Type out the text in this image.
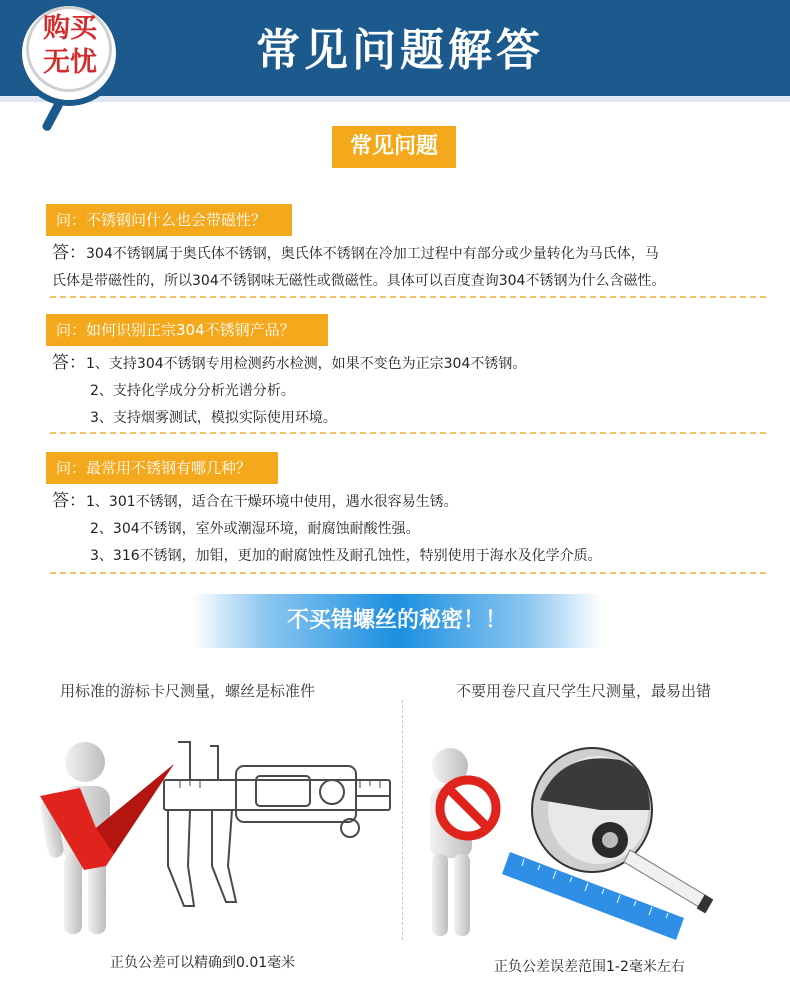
常见问题解答
购买
无忧
常见问题
问：不锈钢问什么也会带磁性？
答：304不锈钢属于奥氏体不锈钢，奥氏体不锈钢在冷加工过程中有部分或少量转化为马氏体，马
氏体是带磁性的，所以304不锈钢味无磁性或微磁性。具体可以百度查询304不锈钢为什么含磁性。
问：如何识别正宗304不锈钢产品？
答：1、支持304不锈钢专用检测药水检测，如果不变色为正宗304不锈钢。
2、支持化学成分分析光谱分析。
3、支持烟雾测试，模拟实际使用环境。
问：最常用不锈钢有哪几种？
答：1、301不锈钢，适合在干燥环境中使用，遇水很容易生锈。
2、304不锈钢，室外或潮湿环境，耐腐蚀耐酸性强。
3、316不锈钢，加钼，更加的耐腐蚀性及耐孔蚀性，特别使用于海水及化学介质。
不买错螺丝的秘密！！
用标准的游标卡尺测量，螺丝是标准件	不要用卷尺直尺学生尺测量，最易出错
正负公差可以精确到0.01毫米	正负公差误差范围1-2毫米左右
